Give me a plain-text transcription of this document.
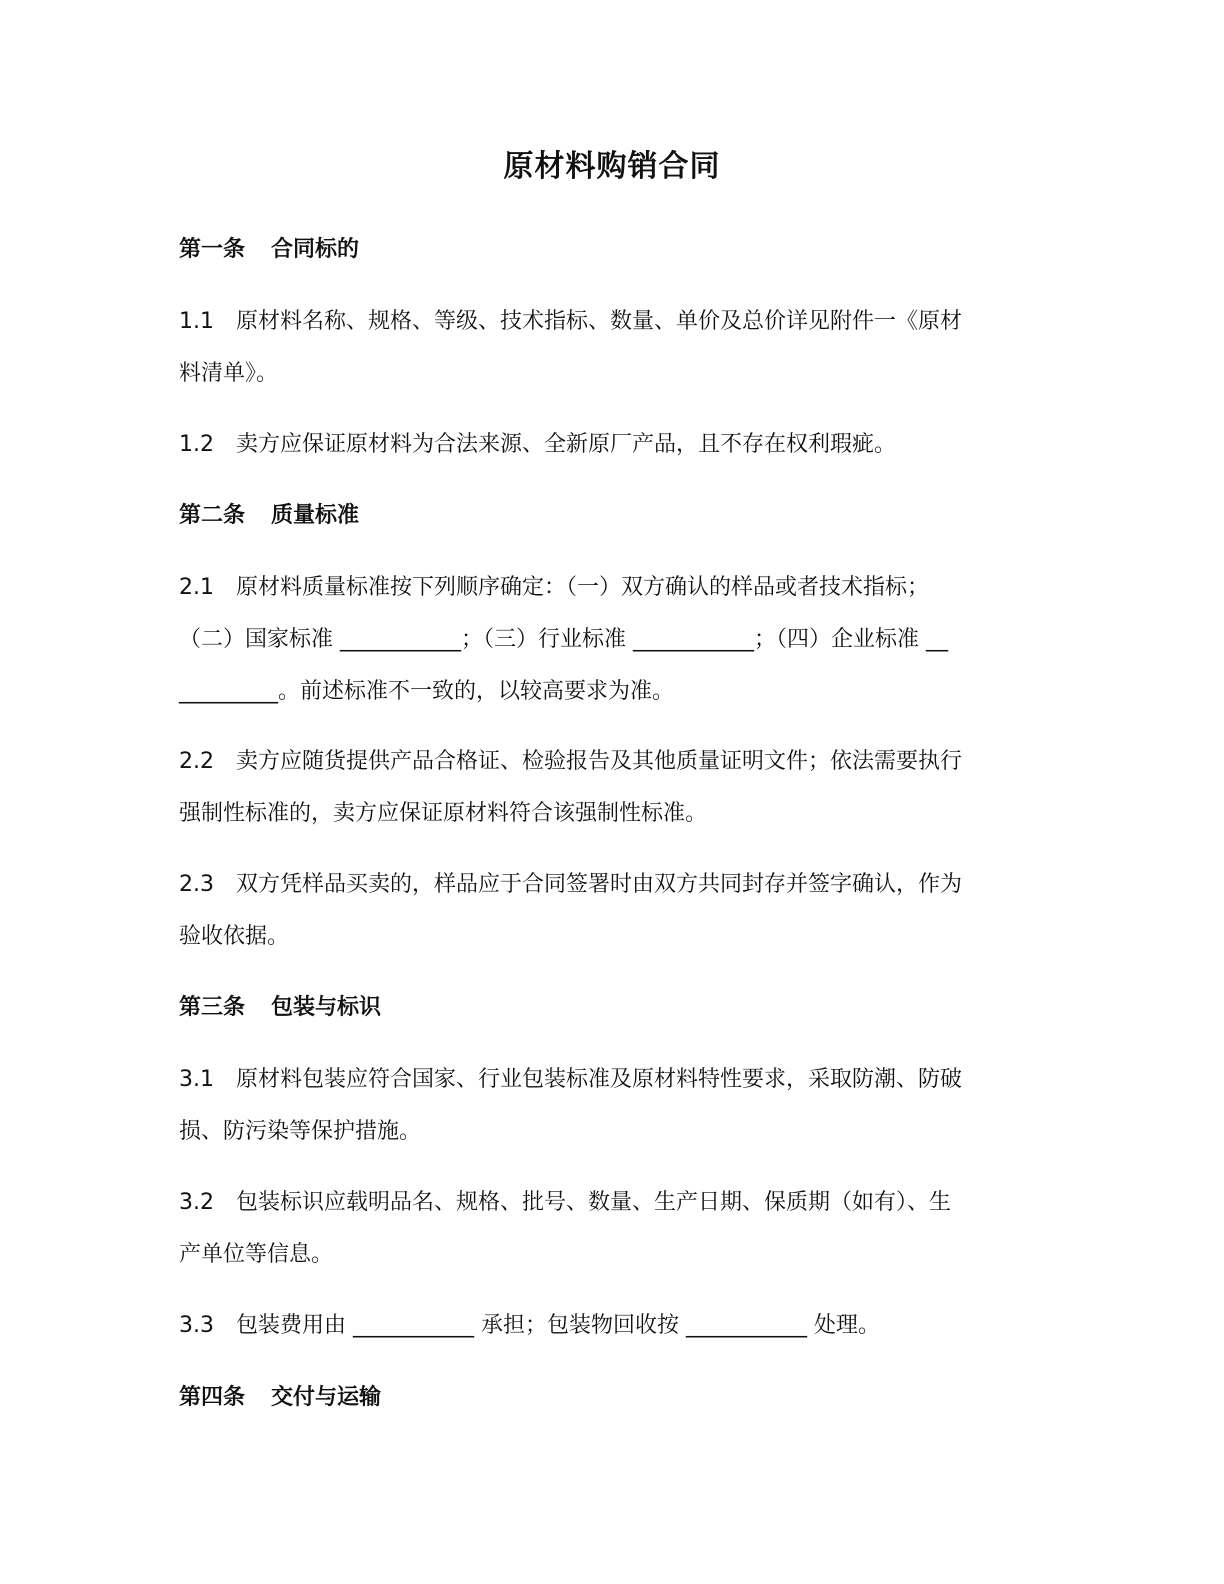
原材料购销合同
第一条 合同标的
1.1 原材料名称、规格、等级、技术指标、数量、单价及总价详见附件一《原材
料清单》。
1.2 卖方应保证原材料为合法来源、全新原厂产品，且不存在权利瑕疵。
第二条 质量标准
2.1 原材料质量标准按下列顺序确定：（一）双方确认的样品或者技术指标；
（二）国家标准 ___________；（三）行业标准 ___________；（四）企业标准 __
_________。前述标准不一致的，以较高要求为准。
2.2 卖方应随货提供产品合格证、检验报告及其他质量证明文件；依法需要执行
强制性标准的，卖方应保证原材料符合该强制性标准。
2.3 双方凭样品买卖的，样品应于合同签署时由双方共同封存并签字确认，作为
验收依据。
第三条 包装与标识
3.1 原材料包装应符合国家、行业包装标准及原材料特性要求，采取防潮、防破
损、防污染等保护措施。
3.2 包装标识应载明品名、规格、批号、数量、生产日期、保质期（如有）、生
产单位等信息。
3.3 包装费用由 ___________ 承担；包装物回收按 ___________ 处理。
第四条 交付与运输
